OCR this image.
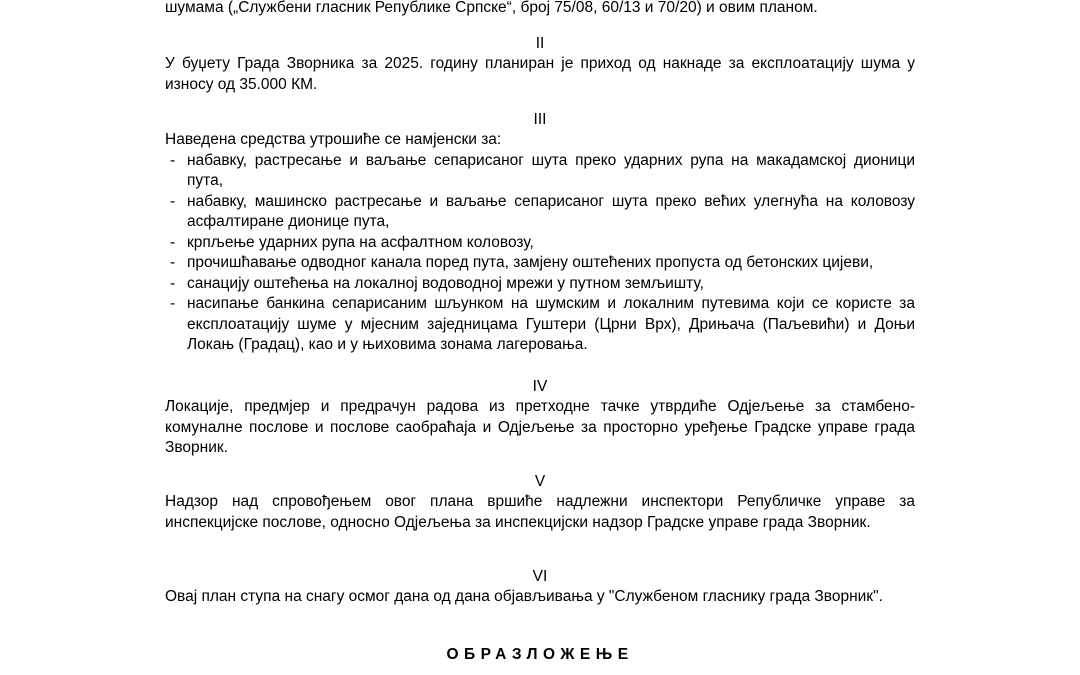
шумама („Службени гласник Републике Српске“, број 75/08, 60/13 и 70/20) и овим планом.

II

У буџету Града Зворника за 2025. годину планиран је приход од накнаде за експлоатацију шума у износу од 35.000 КМ.

III

Наведена средства утрошиће се намјенски за:

- набавку, растресање и ваљање сепарисаног шута преко ударних рупа на макадамској дионици пута,
- набавку, машинско растресање и ваљање сепарисаног шута преко већих улегнућа на коловозу асфалтиране дионице пута,
- крпљење ударних рупа на асфалтном коловозу,
- прочишћавање одводног канала поред пута, замјену оштећених пропуста од бетонских цијеви,
- санацију оштећења на локалној водоводној мрежи у путном земљишту,
- насипање банкина сепарисаним шљунком на шумским и локалним путевима који се користе за експлоатацију шуме у мјесним заједницама Гуштери (Црни Врх), Дрињача (Паљевићи) и Доњи Локањ (Градац), као и у њиховима зонама лагеровања.

IV

Локације, предмјер и предрачун радова из претходне тачке утврдиће Одјељење за стамбено-комуналне послове и послове саобраћаја и Одјељење за просторно уређење Градске управе града Зворник.

V

Надзор над спровођењем овог плана вршиће надлежни инспектори Републичке управе за инспекцијске послове, односно Одјељења за инспекцијски надзор Градске управе града Зворник.

VI

Овај план ступа на снагу осмог дана од дана објављивања у "Службеном гласнику града Зворник".

ОБРАЗЛОЖЕЊЕ
